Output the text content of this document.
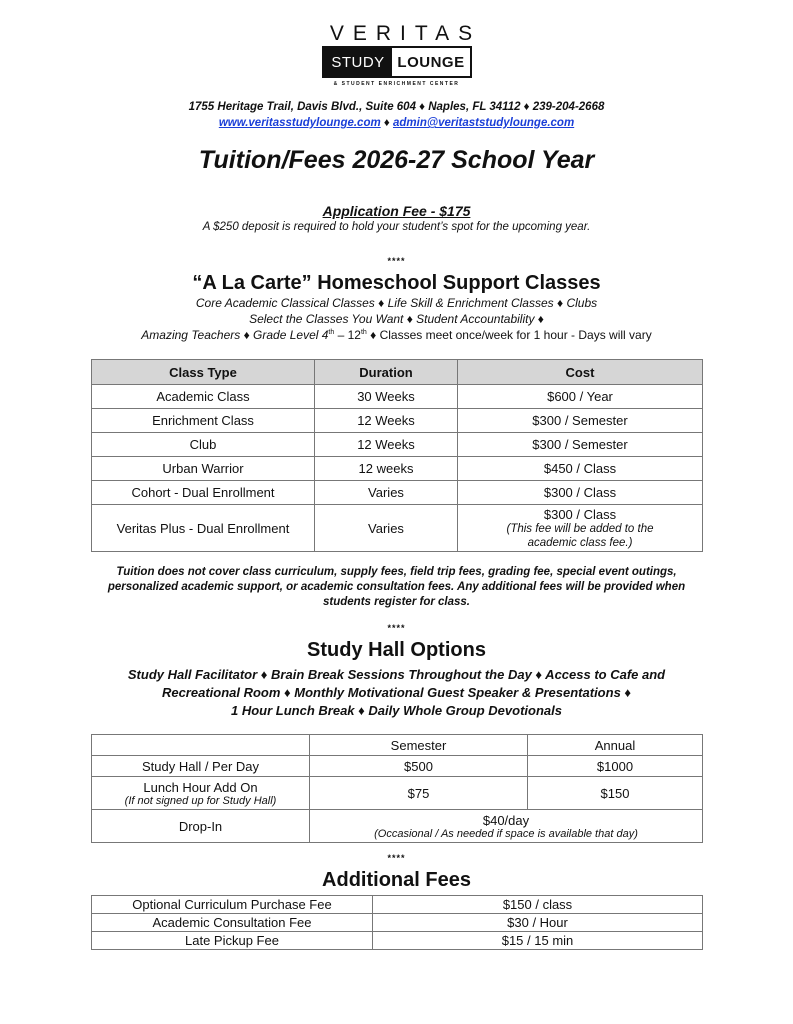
VERITAS
STUDY LOUNGE
& STUDENT ENRICHMENT CENTER
1755 Heritage Trail, Davis Blvd., Suite 604 ♦ Naples, FL 34112 ♦ 239-204-2668
www.veritasstudylounge.com ♦ admin@veritaststudylounge.com
Tuition/Fees 2026-27 School Year
Application Fee - $175
A $250 deposit is required to hold your student’s spot for the upcoming year.
****
“A La Carte” Homeschool Support Classes
Core Academic Classical Classes ♦ Life Skill & Enrichment Classes ♦ Clubs
Select the Classes You Want ♦ Student Accountability ♦
Amazing Teachers ♦ Grade Level 4th – 12th ♦ Classes meet once/week for 1 hour - Days will vary
Class Type	Duration	Cost
Academic Class	30 Weeks	$600 / Year
Enrichment Class	12 Weeks	$300 / Semester
Club	12 Weeks	$300 / Semester
Urban Warrior	12 weeks	$450 / Class
Cohort - Dual Enrollment	Varies	$300 / Class
Veritas Plus - Dual Enrollment	Varies	$300 / Class
(This fee will be added to the academic class fee.)
Tuition does not cover class curriculum, supply fees, field trip fees, grading fee, special event outings,
personalized academic support, or academic consultation fees. Any additional fees will be provided when
students register for class.
****
Study Hall Options
Study Hall Facilitator ♦ Brain Break Sessions Throughout the Day ♦ Access to Cafe and
Recreational Room ♦ Monthly Motivational Guest Speaker & Presentations ♦
1 Hour Lunch Break ♦ Daily Whole Group Devotionals
	Semester	Annual
Study Hall / Per Day	$500	$1000

Lunch Hour Add On
(If not signed up for Study Hall)	$75	$150
Drop-In	$40/day
(Occasional / As needed if space is available that day)	
****
Additional Fees
Optional Curriculum Purchase Fee	$150 / class
Academic Consultation Fee	$30 / Hour
Late Pickup Fee	$15 / 15 min
